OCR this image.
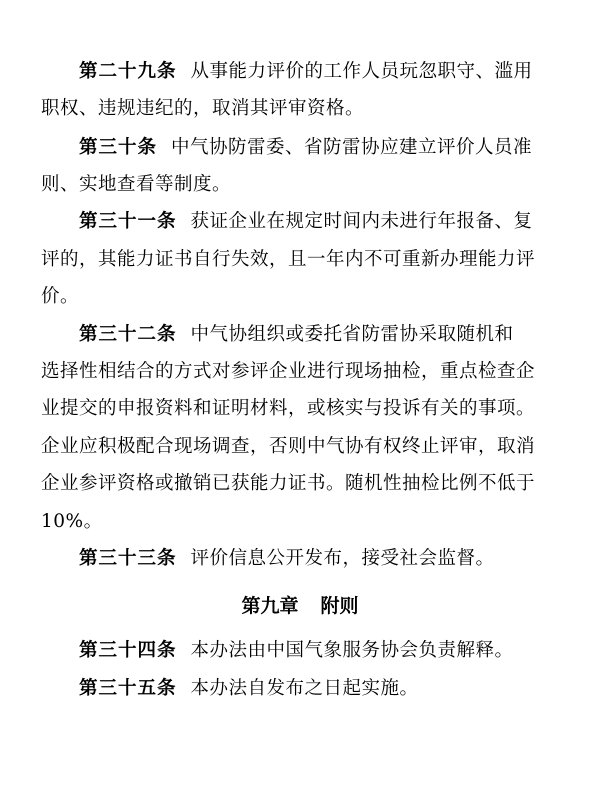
第二十九条 从事能力评价的工作人员玩忽职守、滥用
职权、违规违纪的，取消其评审资格。
第三十条 中气协防雷委、省防雷协应建立评价人员准
则、实地查看等制度。
第三十一条 获证企业在规定时间内未进行年报备、复
评的，其能力证书自行失效，且一年内不可重新办理能力评
价。
第三十二条 中气协组织或委托省防雷协采取随机和
选择性相结合的方式对参评企业进行现场抽检，重点检查企
业提交的申报资料和证明材料，或核实与投诉有关的事项。
企业应积极配合现场调查，否则中气协有权终止评审，取消
企业参评资格或撤销已获能力证书。随机性抽检比例不低于
10%。
第三十三条 评价信息公开发布，接受社会监督。
第九章 附则
第三十四条 本办法由中国气象服务协会负责解释。
第三十五条 本办法自发布之日起实施。
